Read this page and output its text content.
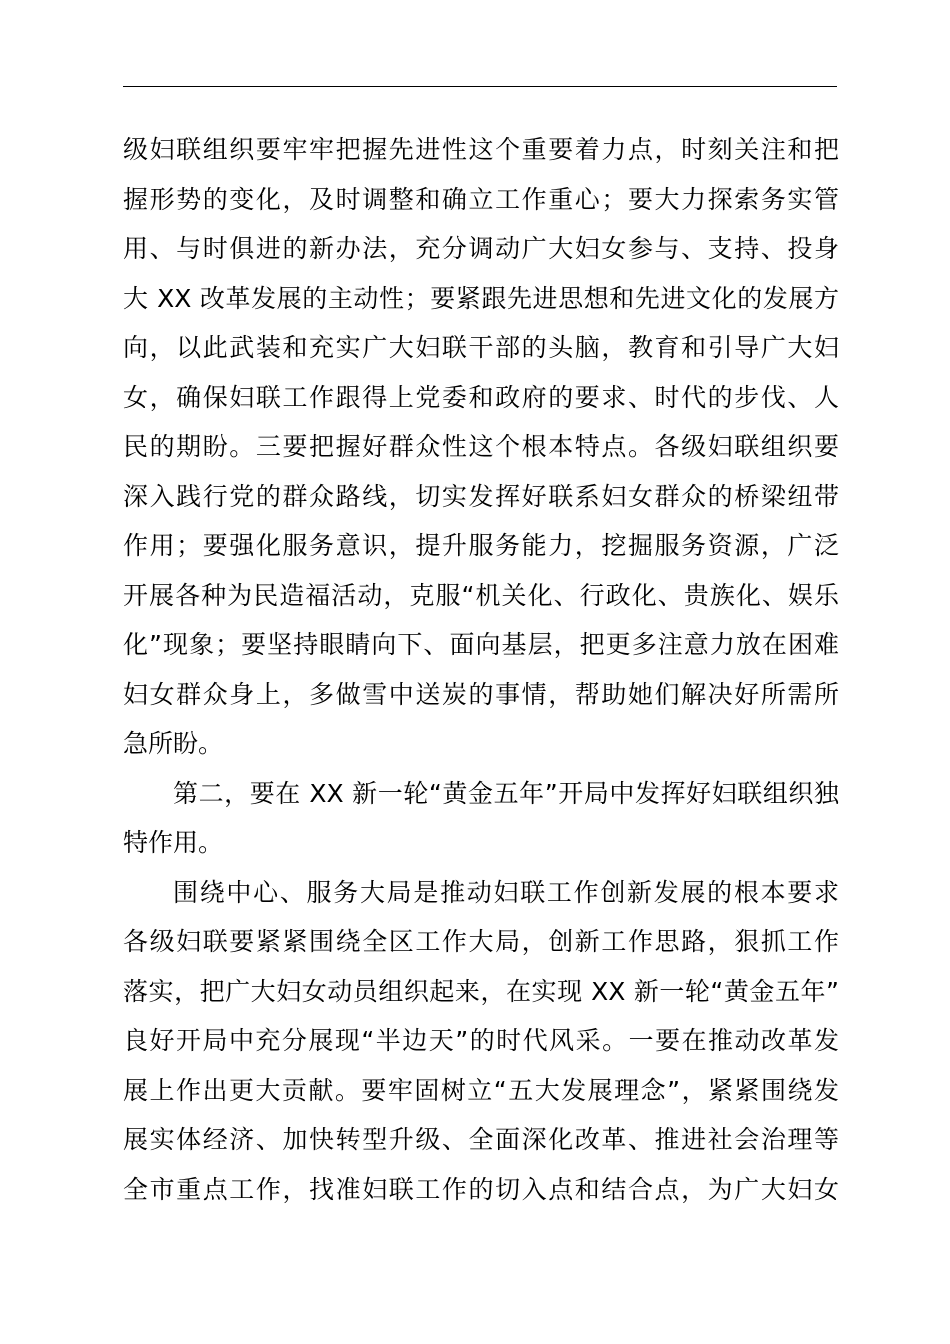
级妇联组织要牢牢把握先进性这个重要着力点，时刻关注和把
握形势的变化，及时调整和确立工作重心；要大力探索务实管
用、与时俱进的新办法，充分调动广大妇女参与、支持、投身
大 XX 改革发展的主动性；要紧跟先进思想和先进文化的发展方
向，以此武装和充实广大妇联干部的头脑，教育和引导广大妇
女，确保妇联工作跟得上党委和政府的要求、时代的步伐、人
民的期盼。三要把握好群众性这个根本特点。各级妇联组织要
深入践行党的群众路线，切实发挥好联系妇女群众的桥梁纽带
作用；要强化服务意识，提升服务能力，挖掘服务资源，广泛
开展各种为民造福活动，克服“机关化、行政化、贵族化、娱乐
化”现象；要坚持眼睛向下、面向基层，把更多注意力放在困难
妇女群众身上，多做雪中送炭的事情，帮助她们解决好所需所
急所盼。
第二，要在 XX 新一轮“黄金五年”开局中发挥好妇联组织独
特作用。
围绕中心、服务大局是推动妇联工作创新发展的根本要求
各级妇联要紧紧围绕全区工作大局，创新工作思路，狠抓工作
落实，把广大妇女动员组织起来，在实现 XX 新一轮“黄金五年”
良好开局中充分展现“半边天”的时代风采。一要在推动改革发
展上作出更大贡献。要牢固树立“五大发展理念”，紧紧围绕发
展实体经济、加快转型升级、全面深化改革、推进社会治理等
全市重点工作，找准妇联工作的切入点和结合点，为广大妇女
